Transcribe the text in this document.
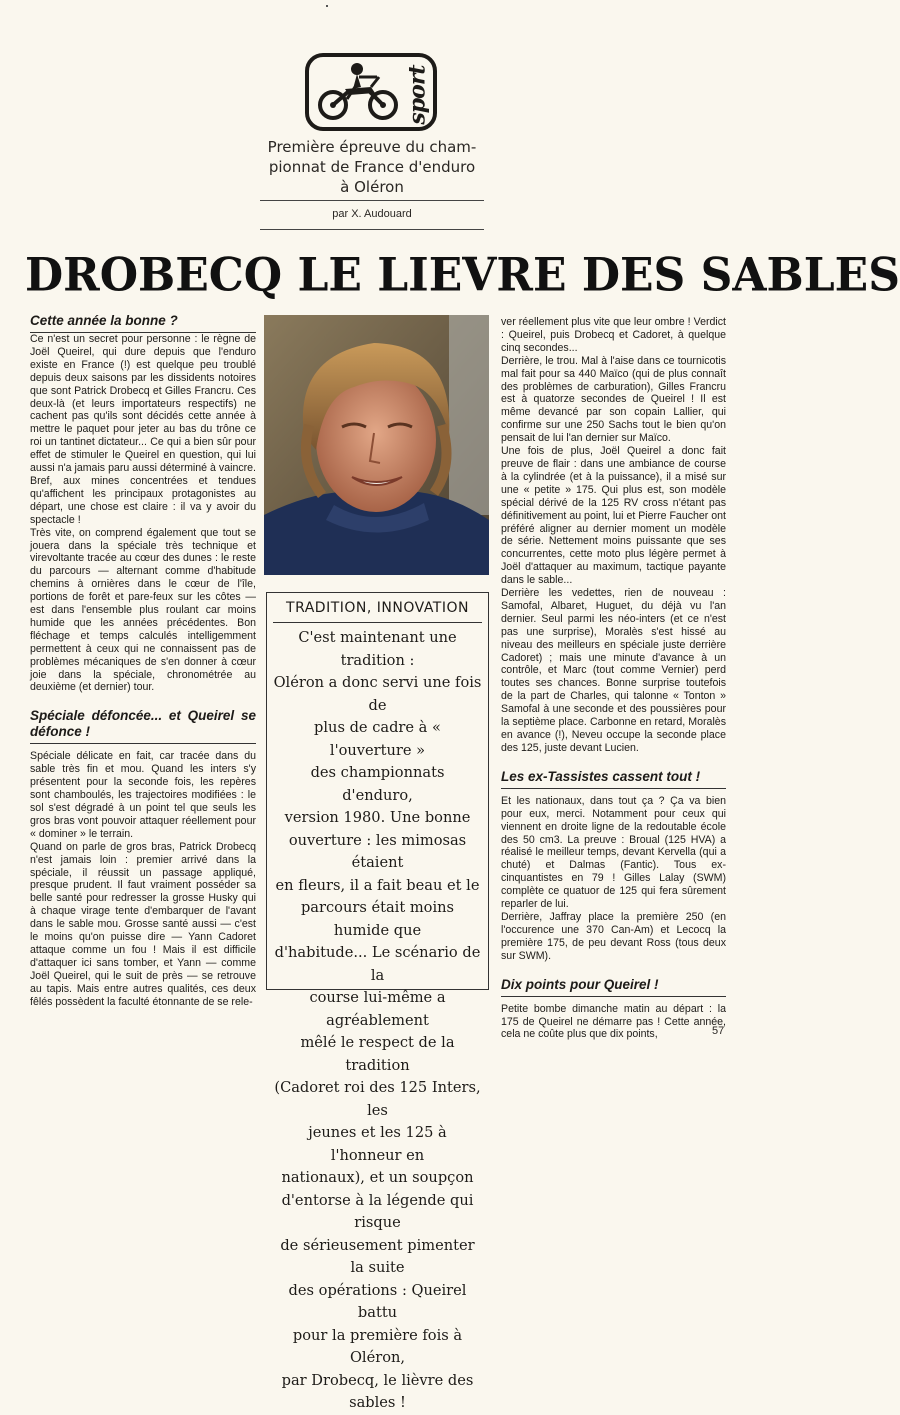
sport
Première épreuve du cham-
pionnat de France d'enduro
à Oléron
par X. Audouard
DROBECQ LE LIEVRE DES SABLES
Cette année la bonne ?

Ce n'est un secret pour personne : le règne de Joël Queirel, qui dure depuis que l'enduro existe en France (!) est quelque peu troublé depuis deux saisons par les dissidents notoires que sont Patrick Drobecq et Gilles Francru. Ces deux-là (et leurs importateurs respectifs) ne cachent pas qu'ils sont décidés cette année à mettre le paquet pour jeter au bas du trône ce roi un tantinet dictateur... Ce qui a bien sûr pour effet de stimuler le Queirel en question, qui lui aussi n'a jamais paru aussi déterminé à vaincre. Bref, aux mines concentrées et tendues qu'affichent les principaux protagonistes au départ, une chose est claire : il va y avoir du spectacle !

Très vite, on comprend également que tout se jouera dans la spéciale très technique et virevoltante tracée au cœur des dunes : le reste du parcours — alternant comme d'habitude chemins à ornières dans le cœur de l'île, portions de forêt et pare-feux sur les côtes — est dans l'ensemble plus roulant car moins humide que les années précédentes. Bon fléchage et temps calculés intelligemment permettent à ceux qui ne connaissent pas de problèmes mécaniques de s'en donner à cœur joie dans la spéciale, chronométrée au deuxième (et dernier) tour.

Spéciale défoncée... et Queirel se défonce !

Spéciale délicate en fait, car tracée dans du sable très fin et mou. Quand les inters s'y présentent pour la seconde fois, les repères sont chamboulés, les trajectoires modifiées : le sol s'est dégradé à un point tel que seuls les gros bras vont pouvoir attaquer réellement pour « dominer » le terrain.

Quand on parle de gros bras, Patrick Drobecq n'est jamais loin : premier arrivé dans la spéciale, il réussit un passage appliqué, presque prudent. Il faut vraiment posséder sa belle santé pour redresser la grosse Husky qui à chaque virage tente d'embarquer de l'avant dans le sable mou. Grosse santé aussi — c'est le moins qu'on puisse dire — Yann Cadoret attaque comme un fou ! Mais il est difficile d'attaquer ici sans tomber, et Yann — comme Joël Queirel, qui le suit de près — se retrouve au tapis. Mais entre autres qualités, ces deux fêlés possèdent la faculté étonnante de se rele-

TRADITION, INNOVATION
C'est maintenant une tradition :
Oléron a donc servi une fois de
plus de cadre à « l'ouverture »
des championnats d'enduro,
version 1980. Une bonne
ouverture : les mimosas étaient
en fleurs, il a fait beau et le
parcours était moins humide que
d'habitude... Le scénario de la
course lui-même a agréablement
mêlé le respect de la tradition
(Cadoret roi des 125 Inters, les
jeunes et les 125 à l'honneur en
nationaux), et un soupçon
d'entorse à la légende qui risque
de sérieusement pimenter la suite
des opérations : Queirel battu
pour la première fois à Oléron,
par Drobecq, le lièvre des
sables !

ver réellement plus vite que leur ombre ! Verdict : Queirel, puis Drobecq et Cadoret, à quelque cinq secondes...

Derrière, le trou. Mal à l'aise dans ce tournicotis mal fait pour sa 440 Maïco (qui de plus connaît des problèmes de carburation), Gilles Francru est à quatorze secondes de Queirel ! Il est même devancé par son copain Lallier, qui confirme sur une 250 Sachs tout le bien qu'on pensait de lui l'an dernier sur Maïco.

Une fois de plus, Joël Queirel a donc fait preuve de flair : dans une ambiance de course à la cylindrée (et à la puissance), il a misé sur une « petite » 175. Qui plus est, son modèle spécial dérivé de la 125 RV cross n'étant pas définitivement au point, lui et Pierre Faucher ont préféré aligner au dernier moment un modèle de série. Nettement moins puissante que ses concurrentes, cette moto plus légère permet à Joël d'attaquer au maximum, tactique payante dans le sable...

Derrière les vedettes, rien de nouveau : Samofal, Albaret, Huguet, du déjà vu l'an dernier. Seul parmi les néo-inters (et ce n'est pas une surprise), Moralès s'est hissé au niveau des meilleurs en spéciale juste derrière Cadoret) ; mais une minute d'avance à un contrôle, et Marc (tout comme Vernier) perd toutes ses chances. Bonne surprise toutefois de la part de Charles, qui talonne « Tonton » Samofal à une seconde et des poussières pour la septième place. Carbonne en retard, Moralès en avance (!), Neveu occupe la seconde place des 125, juste devant Lucien.

Les ex-Tassistes cassent tout !

Et les nationaux, dans tout ça ? Ça va bien pour eux, merci. Notamment pour ceux qui viennent en droite ligne de la redoutable école des 50 cm3. La preuve : Broual (125 HVA) a réalisé le meilleur temps, devant Kervella (qui a chuté) et Dalmas (Fantic). Tous ex-cinquantistes en 79 ! Gilles Lalay (SWM) complète ce quatuor de 125 qui fera sûrement reparler de lui.

Derrière, Jaffray place la première 250 (en l'occurence une 370 Can-Am) et Lecocq la première 175, de peu devant Ross (tous deux sur SWM).

Dix points pour Queirel !

Petite bombe dimanche matin au départ : la 175 de Queirel ne démarre pas ! Cette année, cela ne coûte plus que dix points,	57
